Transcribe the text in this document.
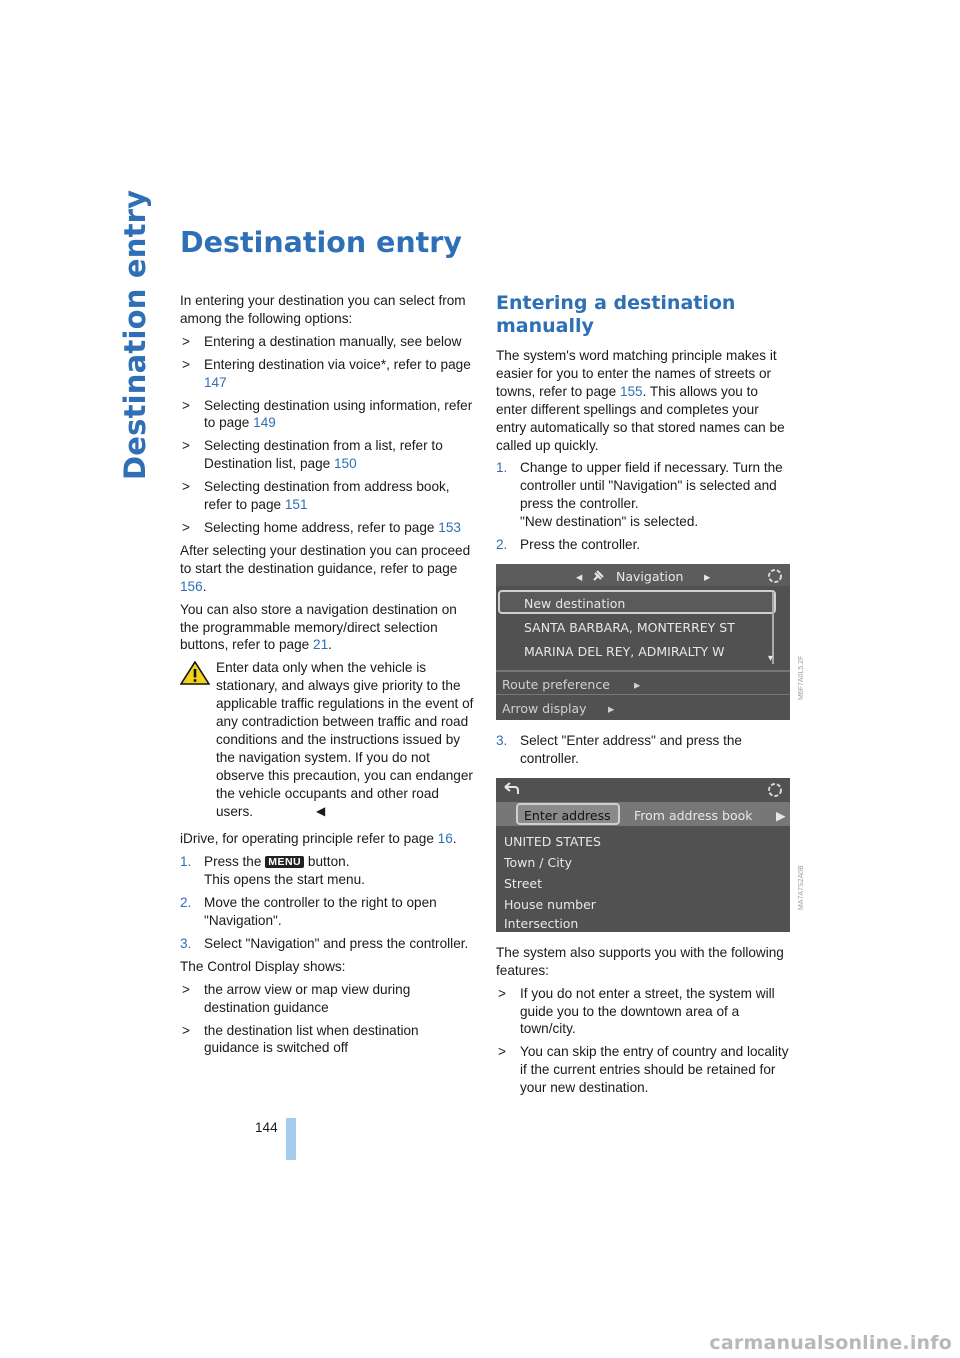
Destination entry Destination entry

In entering your destination you can select from among the following options:

> Entering a destination manually, see below
> Entering destination via voice*, refer to page 147
> Selecting destination using information, refer to page 149
> Selecting destination from a list, refer to Destination list, page 150
> Selecting destination from address book, refer to page 151
> Selecting home address, refer to page 153

After selecting your destination you can proceed to start the destination guidance, refer to page 156.

You can also store a navigation destination on the programmable memory/direct selection buttons, refer to page 21.

Enter data only when the vehicle is stationary, and always give priority to the applicable traffic regulations in the event of any contradiction between traffic and road conditions and the instructions issued by the navigation system. If you do not observe this precaution, you can endanger the vehicle occupants and other road users.	◀

iDrive, for operating principle refer to page 16.

1. Press the MENU button.
This opens the start menu.
2. Move the controller to the right to open "Navigation".
3. Select "Navigation" and press the controller.

The Control Display shows:

> the arrow view or map view during destination guidance
> the destination list when destination guidance is switched off
Entering a destination manually

The system's word matching principle makes it easier for you to enter the names of streets or towns, refer to page 155. This allows you to enter different spellings and completes your entry automatically so that stored names can be called up quickly.

1. Change to upper field if necessary. Turn the controller until "Navigation" is selected and press the controller.
"New destination" is selected.
2. Press the controller.
◂	Navigation ▸
New destination
SANTA BARBARA, MONTERREY ST
MARINA DEL REY, ADMIRALTY W	▾
Route preference ▸
Arrow display ▸
3. Select "Enter address" and press the controller.
Enter address From address book ▶
UNITED STATES
Town / City
Street
House number
Intersection

The system also supports you with the following features:

> If you do not enter a street, the system will guide you to the downtown area of a town/city.
> You can skip the entry of country and locality if the current entries should be retained for your new destination.
M6F7A0L5.2F
MA7A7S2A0B
144
carmanualsonline.info
